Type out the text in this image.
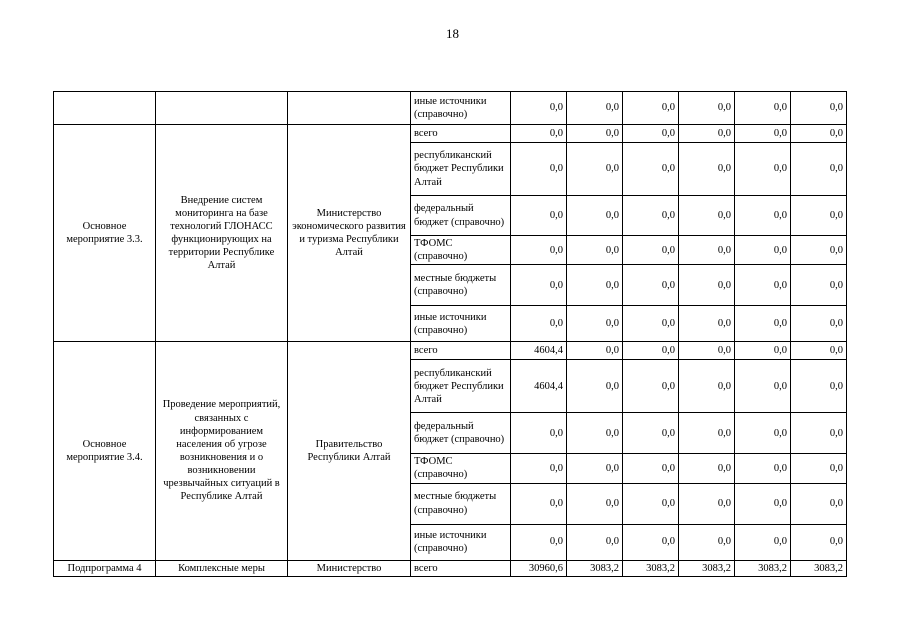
18
			иные источники (справочно)	0,0	0,0	0,0	0,0	0,0	0,0
Основное мероприятие 3.3.	Внедрение систем мониторинга на базе технологий ГЛОНАСС функционирующих на территории Республике Алтай	Министерство экономического развития и туризма Республики Алтай	всего	0,0	0,0	0,0	0,0	0,0	0,0
			республиканский бюджет Республики Алтай	0,0	0,0	0,0	0,0	0,0	0,0
			федеральный бюджет (справочно)	0,0	0,0	0,0	0,0	0,0	0,0
			ТФОМС (справочно)	0,0	0,0	0,0	0,0	0,0	0,0
			местные бюджеты (справочно)	0,0	0,0	0,0	0,0	0,0	0,0
			иные источники (справочно)	0,0	0,0	0,0	0,0	0,0	0,0
Основное мероприятие 3.4.	Проведение мероприятий, связанных с информированием населения об угрозе возникновения и о возникновении чрезвычайных ситуаций в Республике Алтай	Правительство Республики Алтай	всего	4604,4	0,0	0,0	0,0	0,0	0,0
			республиканский бюджет Республики Алтай	4604,4	0,0	0,0	0,0	0,0	0,0
			федеральный бюджет (справочно)	0,0	0,0	0,0	0,0	0,0	0,0
			ТФОМС (справочно)	0,0	0,0	0,0	0,0	0,0	0,0
			местные бюджеты (справочно)	0,0	0,0	0,0	0,0	0,0	0,0
			иные источники (справочно)	0,0	0,0	0,0	0,0	0,0	0,0
Подпрограмма 4	Комплексные меры	Министерство	всего	30960,6	3083,2	3083,2	3083,2	3083,2	3083,2
